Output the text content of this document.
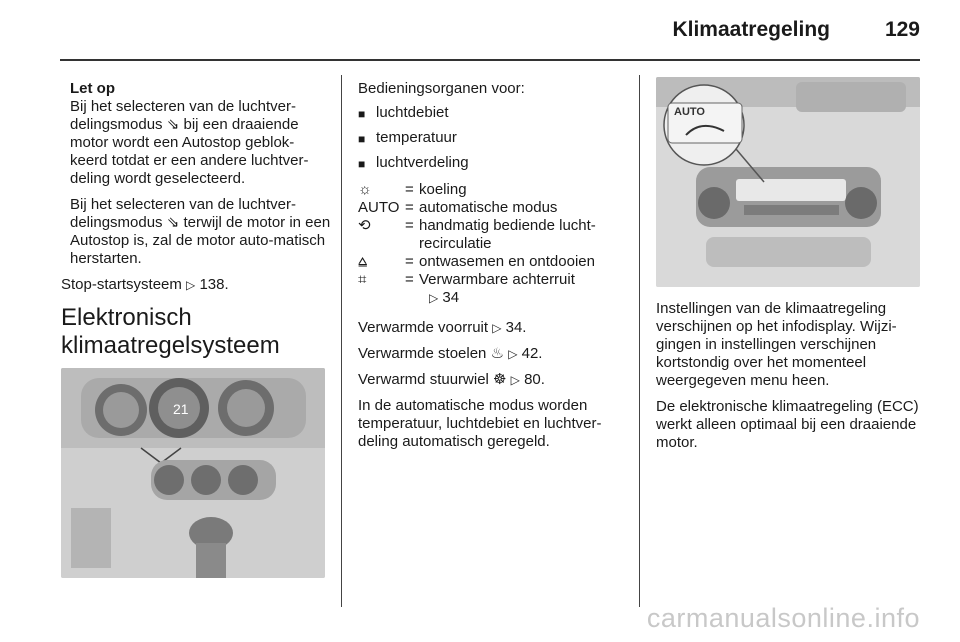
Klimaatregeling	129

Let op

Bij het selecteren van de luchtver-delingsmodus ⇘ bij een draaiende motor wordt een Autostop geblok-keerd totdat er een andere luchtver-deling wordt geselecteerd.

Bij het selecteren van de luchtver-delingsmodus ⇘ terwijl de motor in een Autostop is, zal de motor auto-matisch herstarten.

Stop-startsysteem ▷ 138.

Elektronisch klimaatregelsysteem
21

Bedieningsorganen voor:

■ luchtdebiet
■ temperatuur
■ luchtverdeling
☼	= koeling
AUTO = automatische modus
⟲	= handmatig bediende lucht-recirculatie
⩠	= ontwasemen en ontdooien
⌗	= Verwarmbare achterruit
▷ 34

Verwarmde voorruit ▷ 34.

Verwarmde stoelen ♨ ▷ 42.

Verwarmd stuurwiel ☸ ▷ 80.

In de automatische modus worden temperatuur, luchtdebiet en luchtver-deling automatisch geregeld.

AUTO

Instellingen van de klimaatregeling verschijnen op het infodisplay. Wijzi-gingen in instellingen verschijnen kortstondig over het momenteel weergegeven menu heen.

De elektronische klimaatregeling (ECC) werkt alleen optimaal bij een draaiende motor.

carmanualsonline.info
